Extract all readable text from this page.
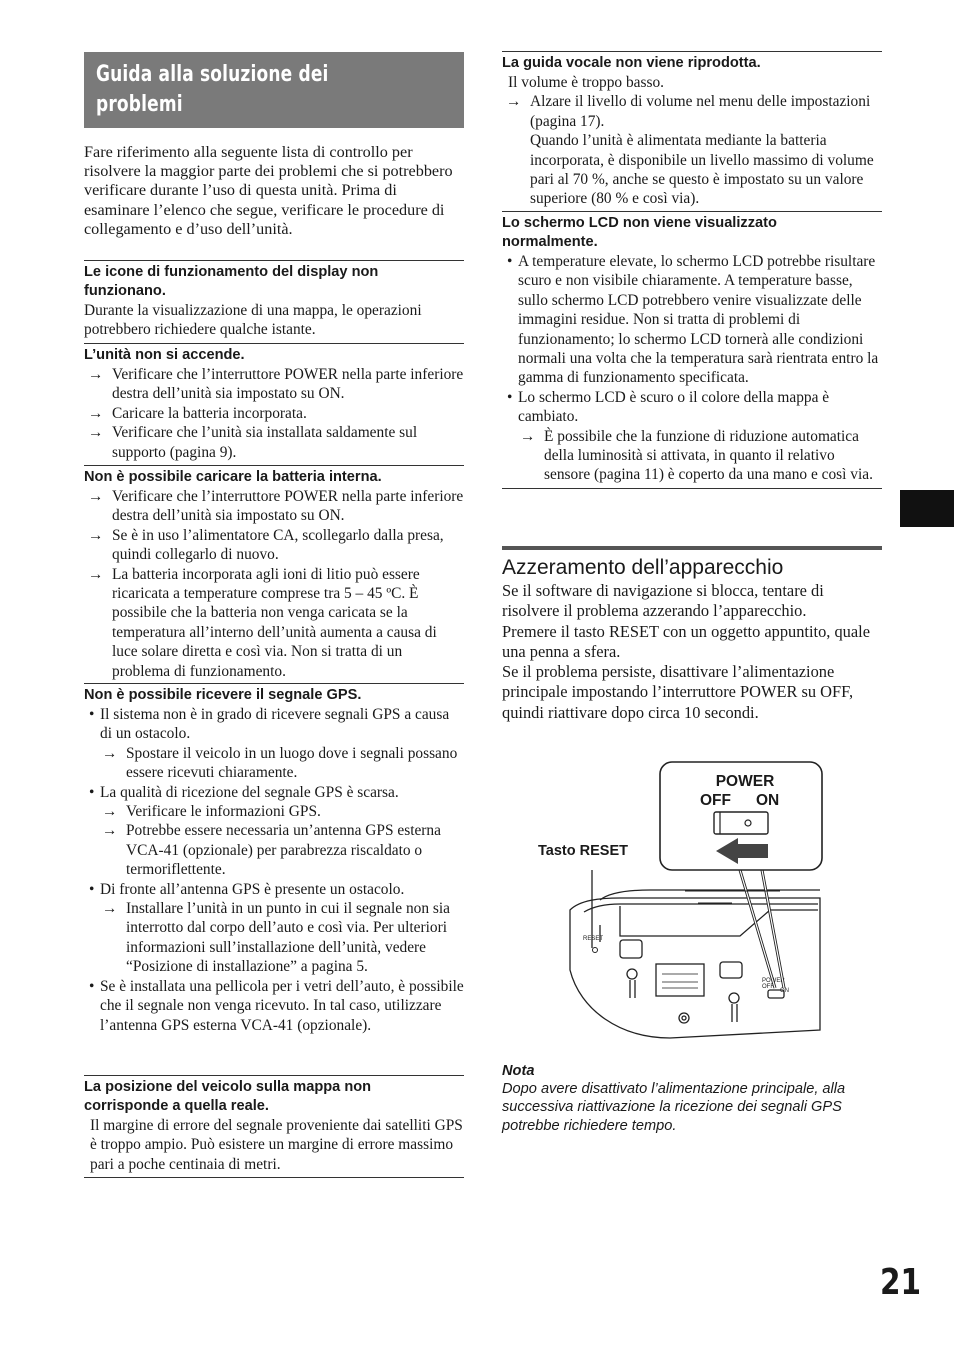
Guida alla soluzione dei
problemi
Fare riferimento alla seguente lista di controllo per risolvere la maggior parte dei problemi che si potrebbero verificare durante l’uso di questa unità. Prima di esaminare l’elenco che segue, verificare le procedure di collegamento e d’uso dell’unità.
Le icone di funzionamento del display non
funzionano.
Durante la visualizzazione di una mappa, le operazioni potrebbero richiedere qualche istante.
L’unità non si accende.
→ Verificare che l’interruttore POWER nella parte inferiore destra dell’unità sia impostato su ON.
→ Caricare la batteria incorporata.
→ Verificare che l’unità sia installata saldamente sul supporto (pagina 9).
Non è possibile caricare la batteria interna.
→ Verificare che l’interruttore POWER nella parte inferiore destra dell’unità sia impostato su ON.
→ Se è in uso l’alimentatore CA, scollegarlo dalla presa, quindi collegarlo di nuovo.
→ La batteria incorporata agli ioni di litio può essere ricaricata a temperature comprese tra 5 – 45 ºC. È possibile che la batteria non venga caricata se la temperatura all’interno dell’unità aumenta a causa di luce solare diretta e così via. Non si tratta di un problema di funzionamento.
Non è possibile ricevere il segnale GPS.
• Il sistema non è in grado di ricevere segnali GPS a causa di un ostacolo.
→ Spostare il veicolo in un luogo dove i segnali possano essere ricevuti chiaramente.
• La qualità di ricezione del segnale GPS è scarsa.
→ Verificare le informazioni GPS.
→ Potrebbe essere necessaria un’antenna GPS esterna VCA-41 (opzionale) per parabrezza riscaldato o termoriflettente.
• Di fronte all’antenna GPS è presente un ostacolo.
→ Installare l’unità in un punto in cui il segnale non sia interrotto dal corpo dell’auto e così via. Per ulteriori informazioni sull’installazione dell’unità, vedere “Posizione di installazione” a pagina 5.
• Se è installata una pellicola per i vetri dell’auto, è possibile che il segnale non venga ricevuto. In tal caso, utilizzare l’antenna GPS esterna VCA-41 (opzionale).
La posizione del veicolo sulla mappa non
corrisponde a quella reale.
Il margine di errore del segnale proveniente dai satelliti GPS è troppo ampio. Può esistere un margine di errore massimo pari a poche centinaia di metri.
La guida vocale non viene riprodotta.
Il volume è troppo basso.
→ Alzare il livello di volume nel menu delle impostazioni (pagina 17).
Quando l’unità è alimentata mediante la batteria incorporata, è disponibile un livello massimo di volume pari al 70 %, anche se questo è impostato su un valore superiore (80 % e così via).
Lo schermo LCD non viene visualizzato
normalmente.
• A temperature elevate, lo schermo LCD potrebbe risultare scuro e non visibile chiaramente. A temperature basse, sullo schermo LCD potrebbero venire visualizzate delle immagini residue. Non si tratta di problemi di funzionamento; lo schermo LCD tornerà alle condizioni normali una volta che la temperatura sarà rientrata entro la gamma di funzionamento specificata.
• Lo schermo LCD è scuro o il colore della mappa è cambiato.
→ È possibile che la funzione di riduzione automatica della luminosità si attivata, in quanto il relativo sensore (pagina 11) è coperto da una mano e così via.
Azzeramento dell’apparecchio
Se il software di navigazione si blocca, tentare di risolvere il problema azzerando l’apparecchio.
Premere il tasto RESET con un oggetto appuntito, quale una penna a sfera.
Se il problema persiste, disattivare l’alimentazione principale impostando l’interruttore POWER su OFF, quindi riattivare dopo circa 10 secondi.
RESET
POWER
OFF
ON
POWER
OFF ON
Tasto RESET
Nota
Dopo avere disattivato l’alimentazione principale, alla successiva riattivazione la ricezione dei segnali GPS potrebbe richiedere tempo.
21
